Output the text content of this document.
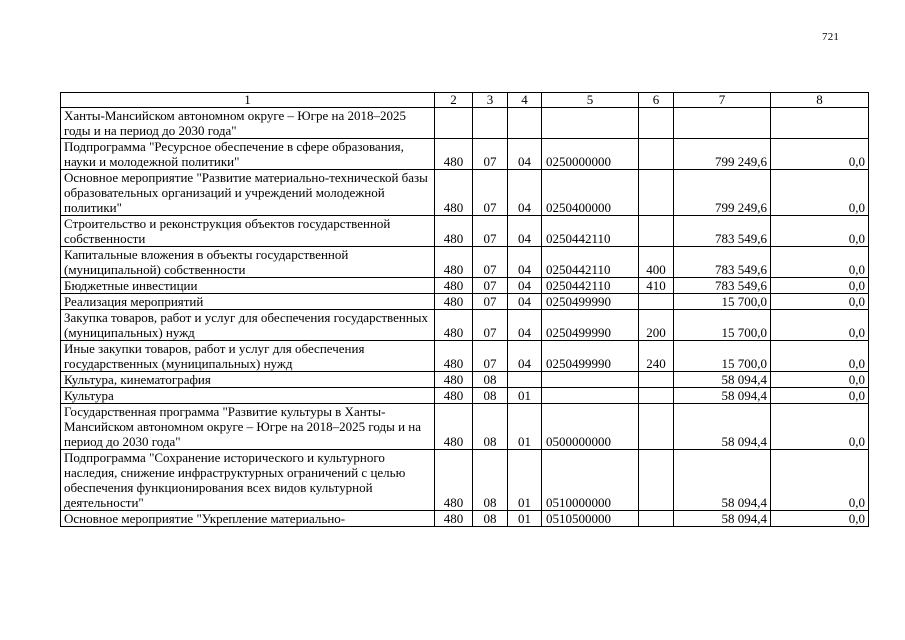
721
1	2	3	4	5	6	7	8
Ханты-Мансийском автономном округе – Югре на 2018–2025 годы и на период до 2030 года"							
Подпрограмма "Ресурсное обеспечение в сфере образования, науки и молодежной политики"	480	07	04	0250000000		799 249,6	0,0
Основное мероприятие "Развитие материально-технической базы образовательных организаций и учреждений молодежной политики"	480	07	04	0250400000		799 249,6	0,0
Строительство и реконструкция объектов государственной собственности	480	07	04	0250442110		783 549,6	0,0
Капитальные вложения в объекты государственной (муниципальной) собственности	480	07	04	0250442110	400	783 549,6	0,0
Бюджетные инвестиции	480	07	04	0250442110	410	783 549,6	0,0
Реализация мероприятий	480	07	04	0250499990		15 700,0	0,0
Закупка товаров, работ и услуг для обеспечения государственных (муниципальных) нужд	480	07	04	0250499990	200	15 700,0	0,0
Иные закупки товаров, работ и услуг для обеспечения государственных (муниципальных) нужд	480	07	04	0250499990	240	15 700,0	0,0
Культура, кинематография	480	08				58 094,4	0,0
Культура	480	08	01			58 094,4	0,0
Государственная программа "Развитие культуры в Ханты-Мансийском автономном округе – Югре на 2018–2025 годы и на период до 2030 года"	480	08	01	0500000000		58 094,4	0,0
Подпрограмма "Сохранение исторического и культурного наследия, снижение инфраструктурных ограничений с целью обеспечения функционирования всех видов культурной деятельности"	480	08	01	0510000000		58 094,4	0,0
Основное мероприятие "Укрепление материально-	480	08	01	0510500000		58 094,4	0,0
